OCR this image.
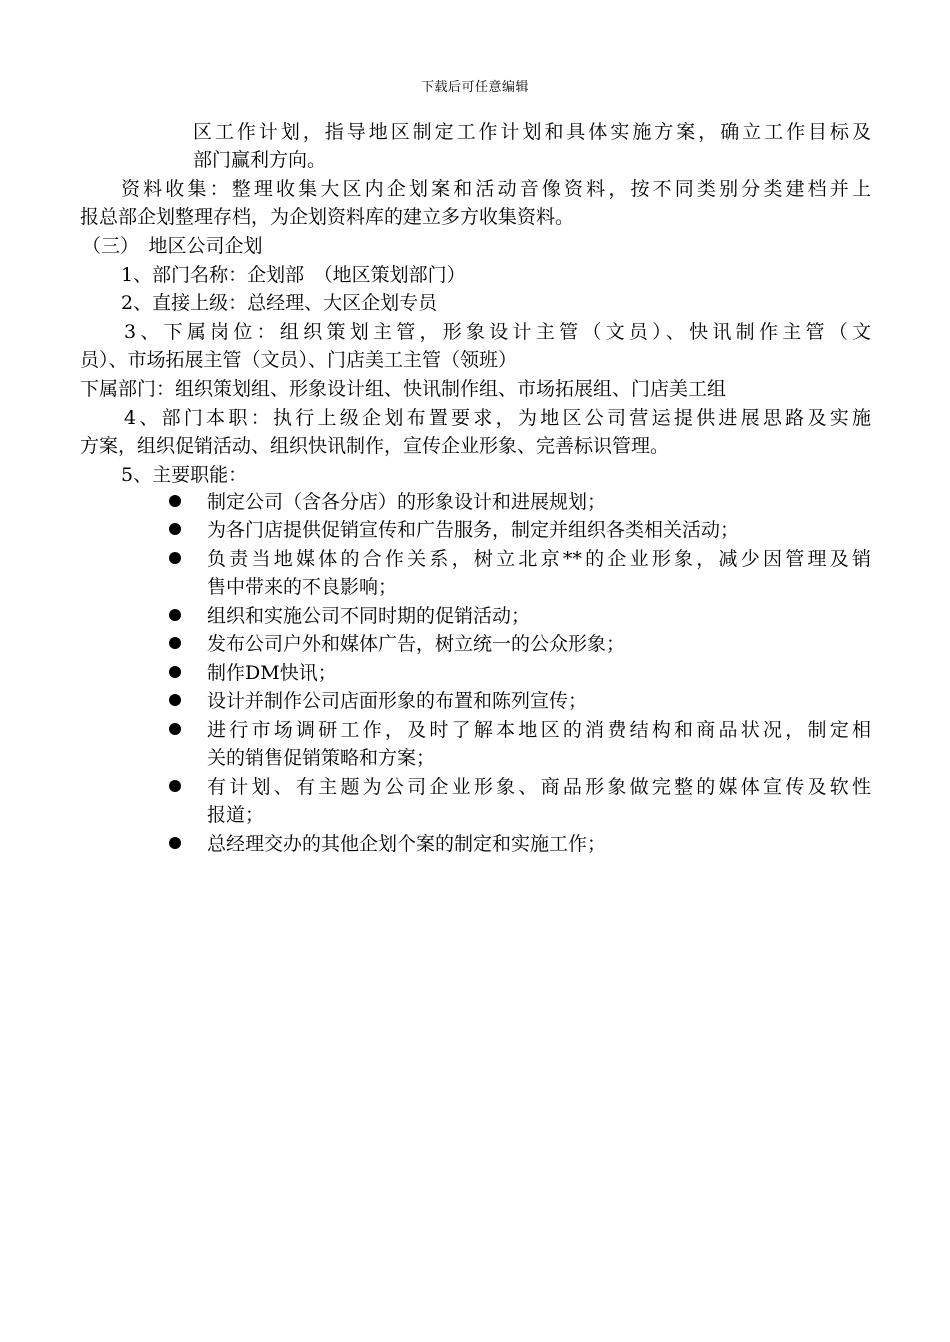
下载后可任意编辑
区工作计划，指导地区制定工作计划和具体实施方案，确立工作目标及
部门赢利方向。
资料收集：整理收集大区内企划案和活动音像资料，按不同类别分类建档并上
报总部企划整理存档，为企划资料库的建立多方收集资料。
（三）　地区公司企划
1、部门名称：企划部　（地区策划部门）
2、直接上级：总经理、大区企划专员
3、下属岗位：组织策划主管，形象设计主管（文员）、快讯制作主管（文
员）、市场拓展主管（文员）、门店美工主管（领班）
下属部门：组织策划组、形象设计组、快讯制作组、市场拓展组、门店美工组
4、部门本职：执行上级企划布置要求，为地区公司营运提供进展思路及实施
方案，组织促销活动、组织快讯制作，宣传企业形象、完善标识管理。
5、主要职能：
制定公司（含各分店）的形象设计和进展规划；
为各门店提供促销宣传和广告服务，制定并组织各类相关活动；
负责当地媒体的合作关系，树立北京**的企业形象，减少因管理及销
售中带来的不良影响；
组织和实施公司不同时期的促销活动；
发布公司户外和媒体广告，树立统一的公众形象；
制作DM快讯；
设计并制作公司店面形象的布置和陈列宣传；
进行市场调研工作，及时了解本地区的消费结构和商品状况，制定相
关的销售促销策略和方案；
有计划、有主题为公司企业形象、商品形象做完整的媒体宣传及软性
报道；
总经理交办的其他企划个案的制定和实施工作；
